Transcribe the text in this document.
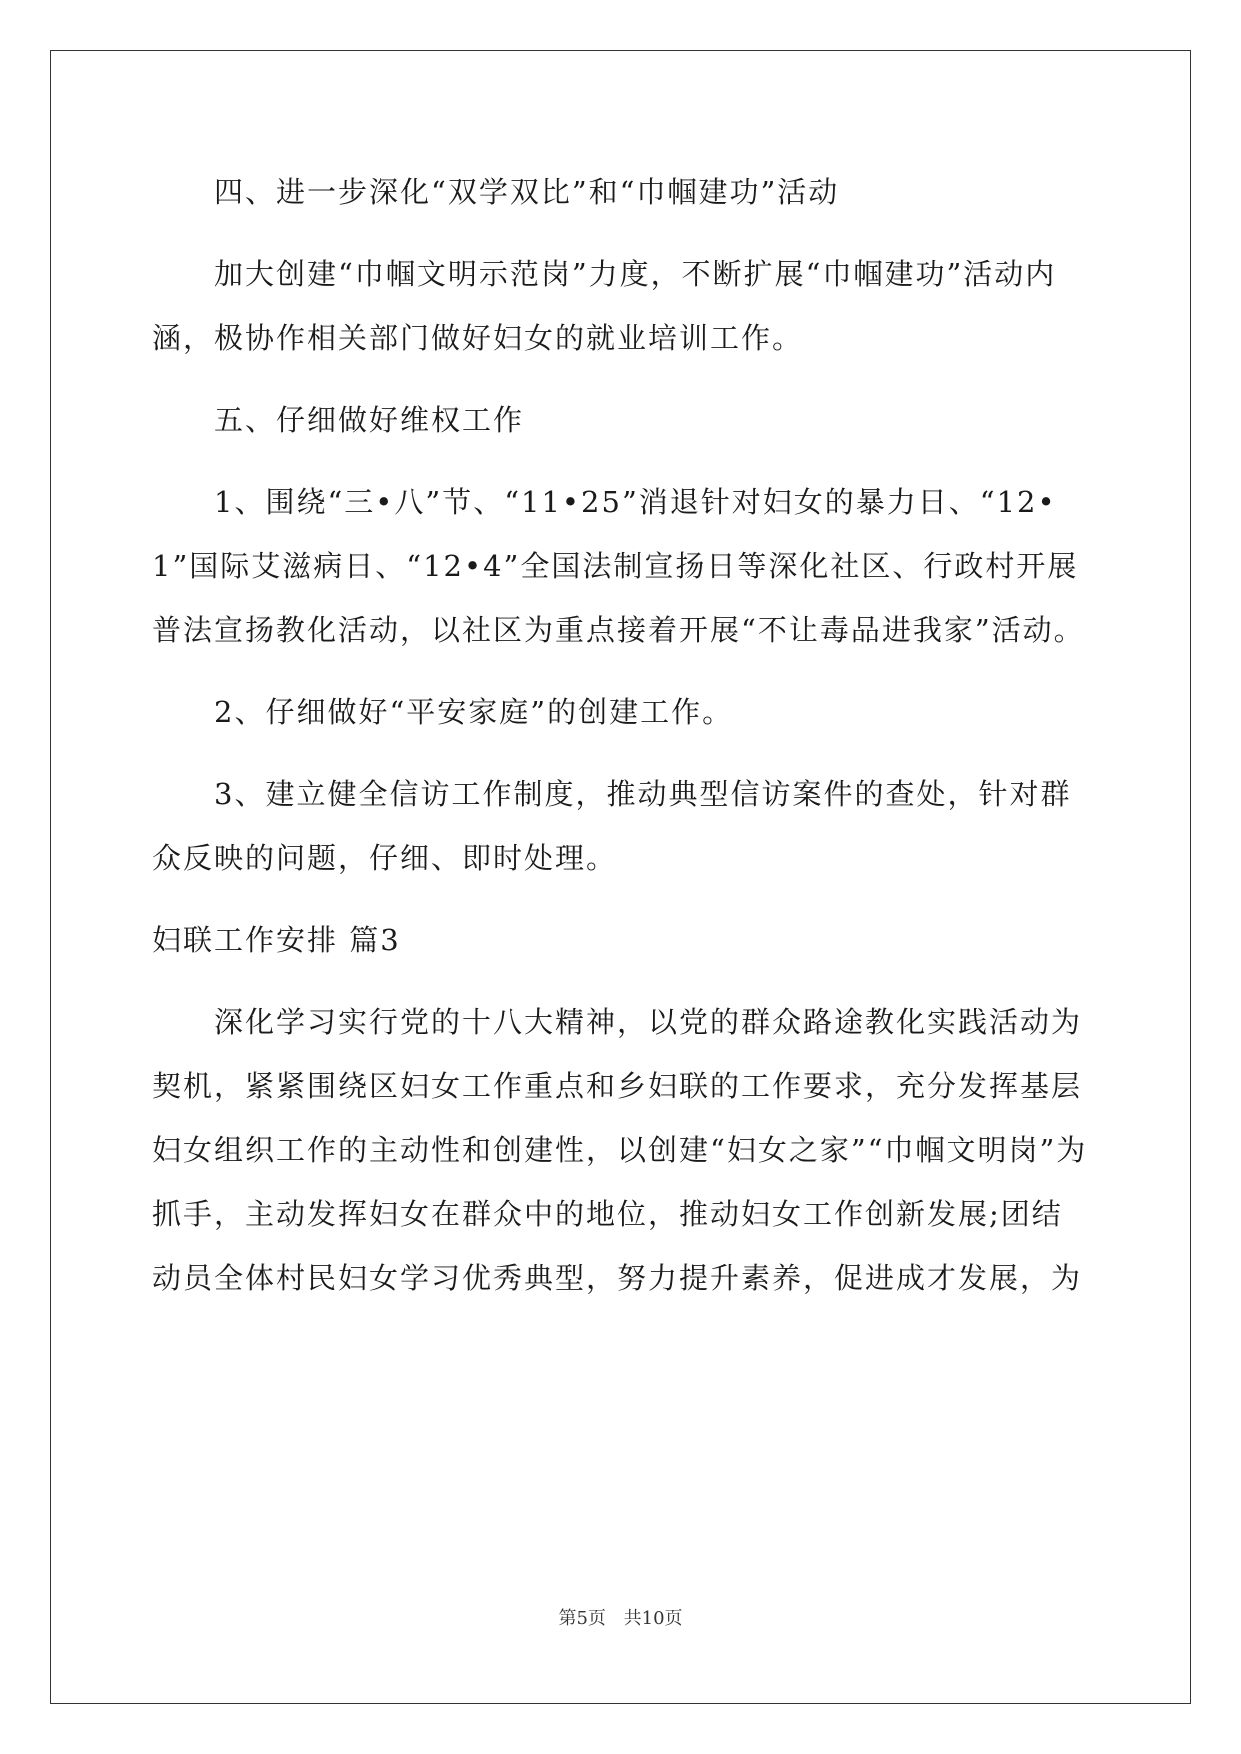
四、进一步深化“双学双比”和“巾帼建功”活动

加大创建“巾帼文明示范岗”力度，不断扩展“巾帼建功”活动内涵，极协作相关部门做好妇女的就业培训工作。

五、仔细做好维权工作

1、围绕“三•八”节、“11•25”消退针对妇女的暴力日、“12•1”国际艾滋病日、“12•4”全国法制宣扬日等深化社区、行政村开展普法宣扬教化活动，以社区为重点接着开展“不让毒品进我家”活动。

2、仔细做好“平安家庭”的创建工作。

3、建立健全信访工作制度，推动典型信访案件的查处，针对群众反映的问题，仔细、即时处理。

妇联工作安排 篇3

深化学习实行党的十八大精神，以党的群众路途教化实践活动为契机，紧紧围绕区妇女工作重点和乡妇联的工作要求，充分发挥基层妇女组织工作的主动性和创建性，以创建“妇女之家”“巾帼文明岗”为抓手，主动发挥妇女在群众中的地位，推动妇女工作创新发展;团结动员全体村民妇女学习优秀典型，努力提升素养，促进成才发展，为

第5页 共10页
